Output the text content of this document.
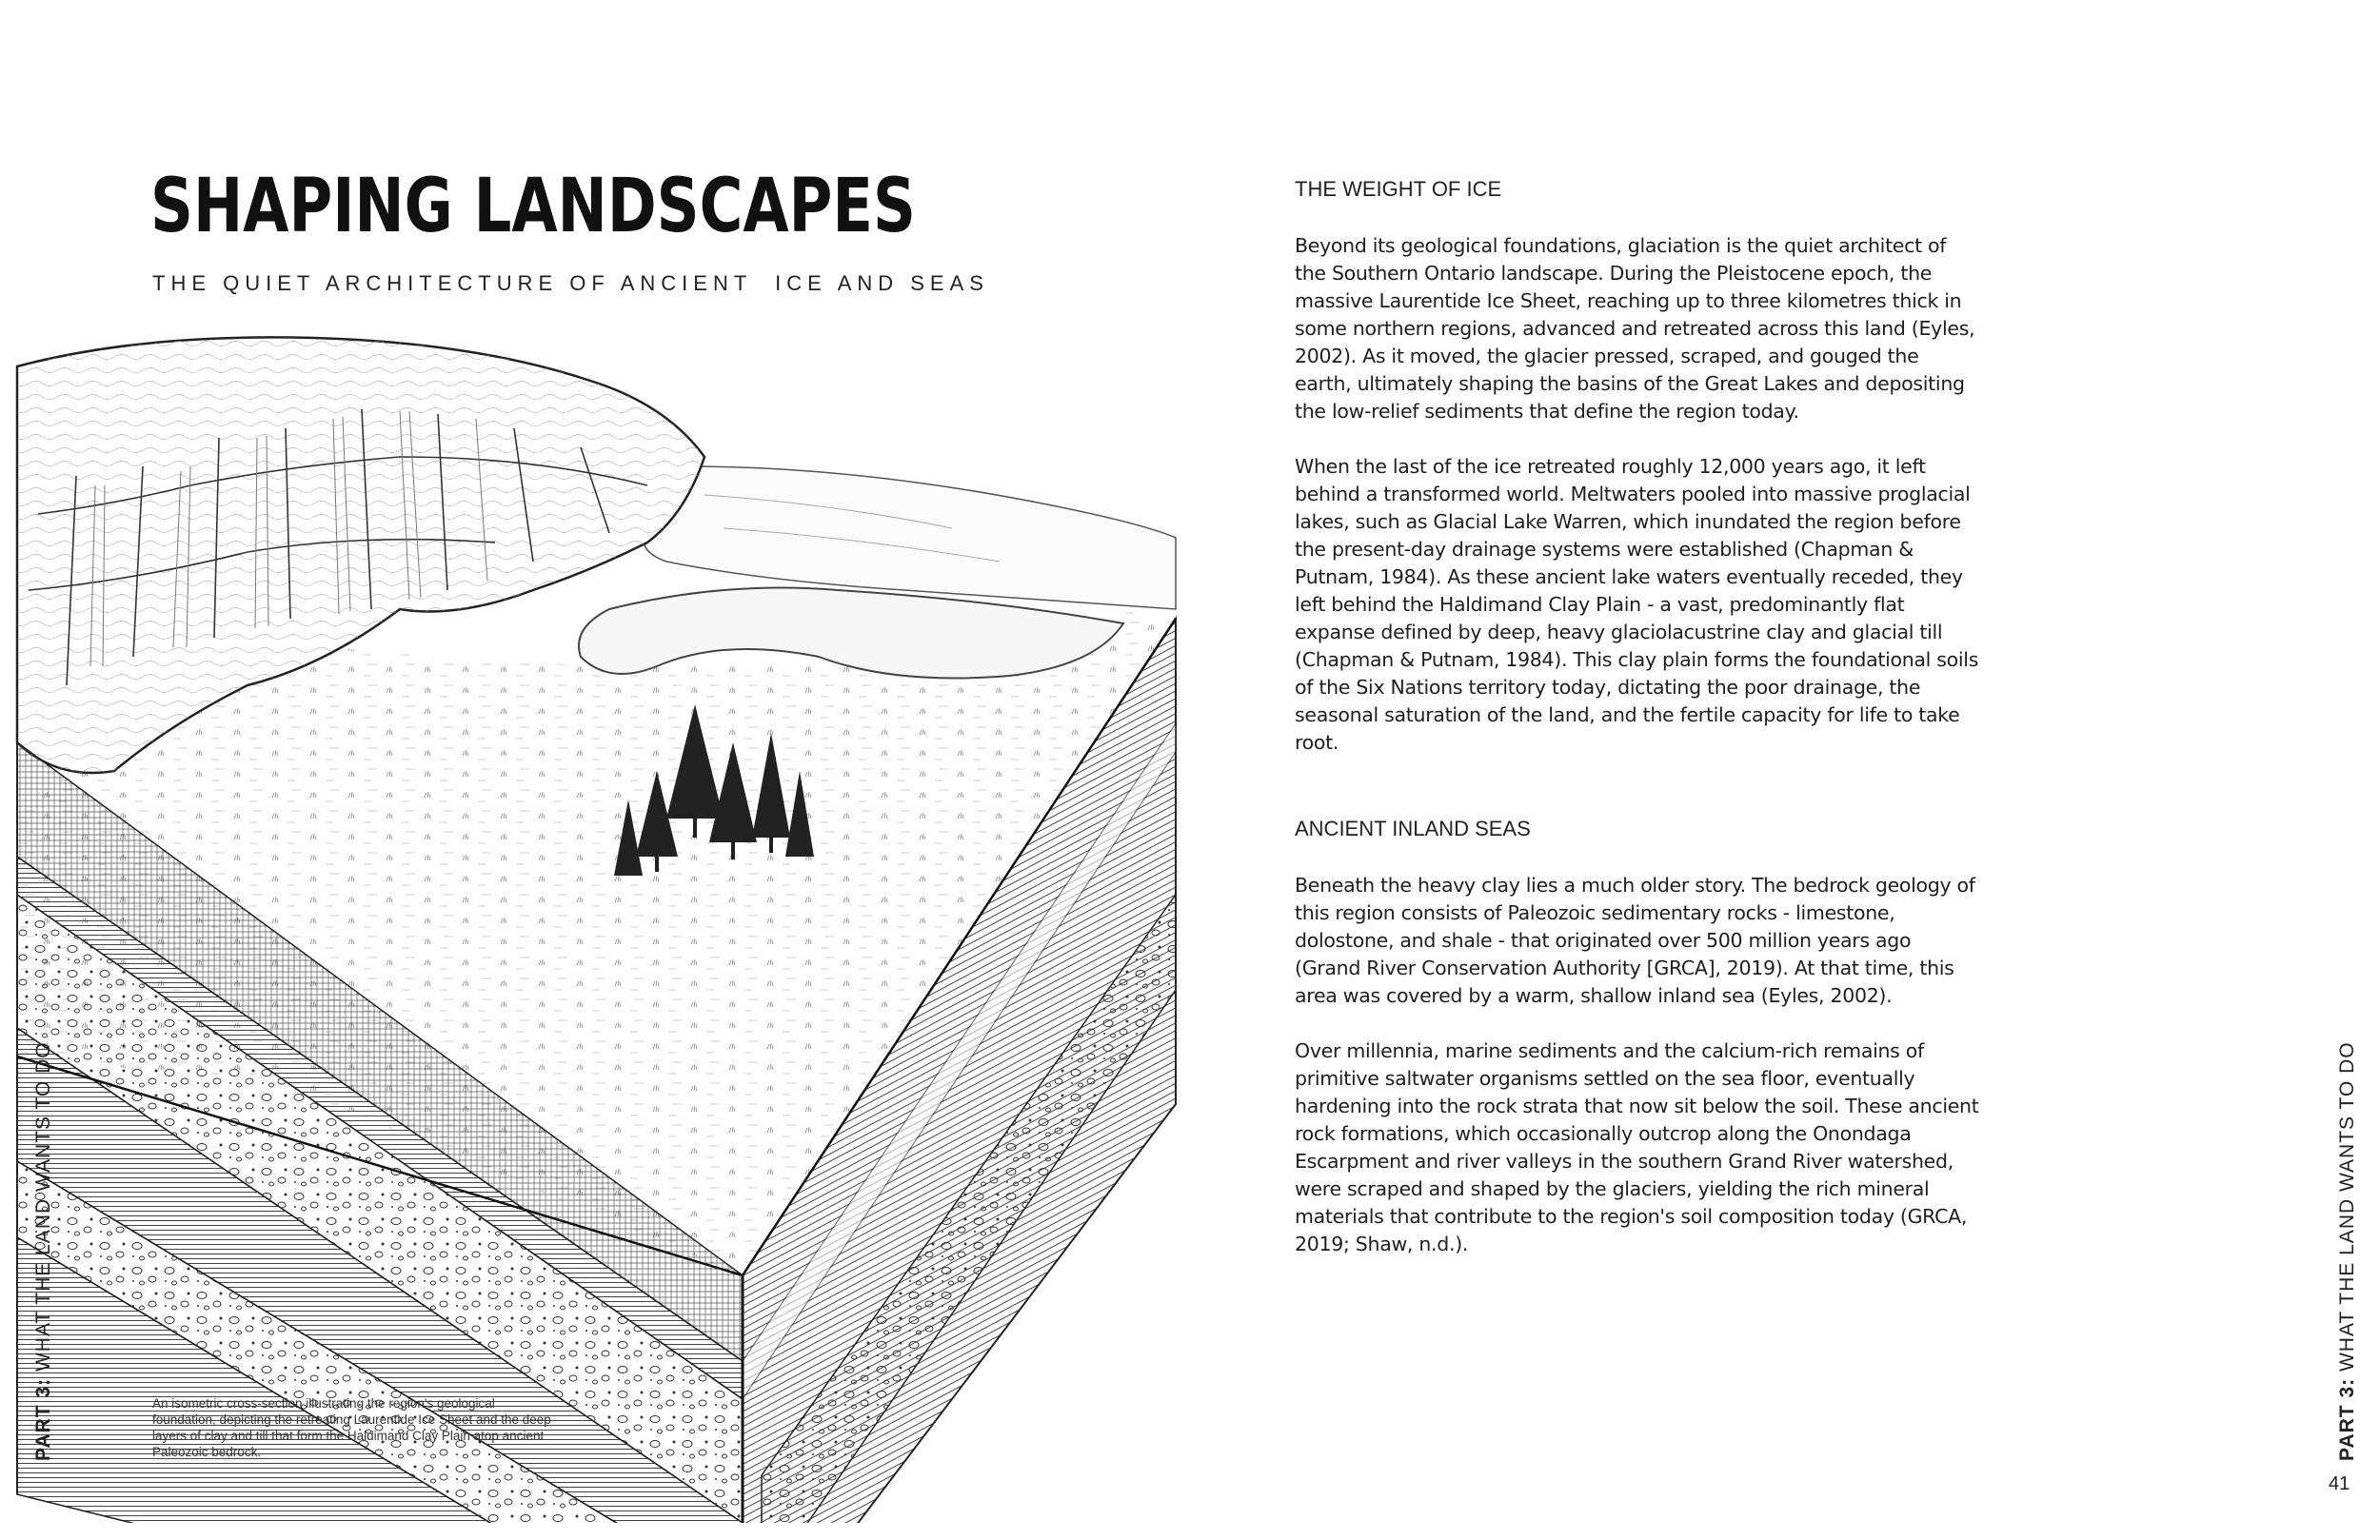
SHAPING LANDSCAPES

THE QUIET ARCHITECTURE OF ANCIENT  ICE AND SEAS

An isometric cross-section illustrating the region's geological foundation, depicting the retreating Laurentide Ice Sheet and the deep layers of clay and till that form the Haldimand Clay Plain atop ancient Paleozoic bedrock.

PART 3: WHAT THE LAND WANTS TO DO
THE WEIGHT OF ICE

Beyond its geological foundations, glaciation is the quiet architect of the Southern Ontario landscape. During the Pleistocene epoch, the massive Laurentide Ice Sheet, reaching up to three kilometres thick in some northern regions, advanced and retreated across this land (Eyles, 2002). As it moved, the glacier pressed, scraped, and gouged the earth, ultimately shaping the basins of the Great Lakes and depositing the low-relief sediments that define the region today.

When the last of the ice retreated roughly 12,000 years ago, it left behind a transformed world. Meltwaters pooled into massive proglacial lakes, such as Glacial Lake Warren, which inundated the region before the present-day drainage systems were established (Chapman & Putnam, 1984). As these ancient lake waters eventually receded, they left behind the Haldimand Clay Plain - a vast, predominantly flat expanse defined by deep, heavy glaciolacustrine clay and glacial till (Chapman & Putnam, 1984). This clay plain forms the foundational soils of the Six Nations territory today, dictating the poor drainage, the seasonal saturation of the land, and the fertile capacity for life to take root.

ANCIENT INLAND SEAS

Beneath the heavy clay lies a much older story. The bedrock geology of this region consists of Paleozoic sedimentary rocks - limestone, dolostone, and shale - that originated over 500 million years ago (Grand River Conservation Authority [GRCA], 2019). At that time, this area was covered by a warm, shallow inland sea (Eyles, 2002).

Over millennia, marine sediments and the calcium-rich remains of primitive saltwater organisms settled on the sea floor, eventually hardening into the rock strata that now sit below the soil. These ancient rock formations, which occasionally outcrop along the Onondaga Escarpment and river valleys in the southern Grand River watershed, were scraped and shaped by the glaciers, yielding the rich mineral materials that contribute to the region's soil composition today (GRCA, 2019; Shaw, n.d.).

PART 3: WHAT THE LAND WANTS TO DO

41
